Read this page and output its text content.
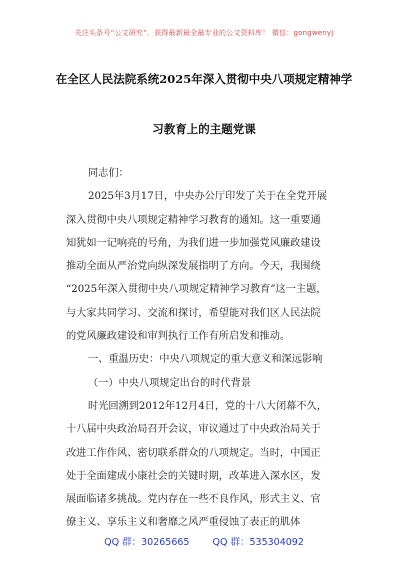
关注头条号“公文研究”，获得最新最全最专业的公文资料库！ 微信：gongwenyj
在全区人民法院系统2025年深入贯彻中央八项规定精神学
习教育上的主题党课
同志们：
2025年3月17日，中央办公厅印发了关于在全党开展
深入贯彻中央八项规定精神学习教育的通知。这一重要通
知犹如一记响亮的号角，为我们进一步加强党风廉政建设
推动全面从严治党向纵深发展指明了方向。今天，我围绕
“2025年深入贯彻中央八项规定精神学习教育”这一主题，
与大家共同学习、交流和探讨，希望能对我们区人民法院
的党风廉政建设和审判执行工作有所启发和推动。
一、重温历史：中央八项规定的重大意义和深远影响
（一）中央八项规定出台的时代背景
时光回溯到2012年12月4日，党的十八大闭幕不久，
十八届中央政治局召开会议，审议通过了中央政治局关于
改进工作作风、密切联系群众的八项规定。当时，中国正
处于全面建成小康社会的关键时期，改革进入深水区，发
展面临诸多挑战。党内存在一些不良作风，形式主义、官
僚主义、享乐主义和奢靡之风严重侵蚀了表正的肌体
QQ 群：30265665 QQ 群：535304092
